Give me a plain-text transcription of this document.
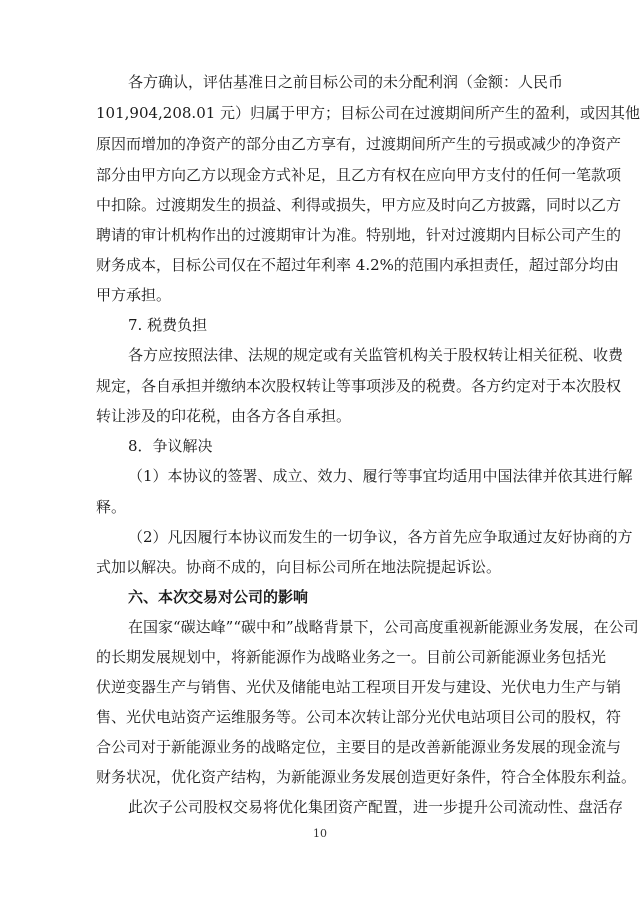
各方确认，评估基准日之前目标公司的未分配利润（金额：人民币
101,904,208.01 元）归属于甲方；目标公司在过渡期间所产生的盈利，或因其他
原因而增加的净资产的部分由乙方享有，过渡期间所产生的亏损或减少的净资产
部分由甲方向乙方以现金方式补足，且乙方有权在应向甲方支付的任何一笔款项
中扣除。过渡期发生的损益、利得或损失，甲方应及时向乙方披露，同时以乙方
聘请的审计机构作出的过渡期审计为准。特别地，针对过渡期内目标公司产生的
财务成本，目标公司仅在不超过年利率 4.2%的范围内承担责任，超过部分均由
甲方承担。
7. 税费负担
各方应按照法律、法规的规定或有关监管机构关于股权转让相关征税、收费
规定，各自承担并缴纳本次股权转让等事项涉及的税费。各方约定对于本次股权
转让涉及的印花税，由各方各自承担。
8．争议解决
（1）本协议的签署、成立、效力、履行等事宜均适用中国法律并依其进行解
释。
（2）凡因履行本协议而发生的一切争议，各方首先应争取通过友好协商的方
式加以解决。协商不成的，向目标公司所在地法院提起诉讼。
六、本次交易对公司的影响
在国家“碳达峰”“碳中和”战略背景下，公司高度重视新能源业务发展，在公司
的长期发展规划中，将新能源作为战略业务之一。目前公司新能源业务包括光
伏逆变器生产与销售、光伏及储能电站工程项目开发与建设、光伏电力生产与销
售、光伏电站资产运维服务等。公司本次转让部分光伏电站项目公司的股权，符
合公司对于新能源业务的战略定位，主要目的是改善新能源业务发展的现金流与
财务状况，优化资产结构，为新能源业务发展创造更好条件，符合全体股东利益。
此次子公司股权交易将优化集团资产配置，进一步提升公司流动性、盘活存
10
